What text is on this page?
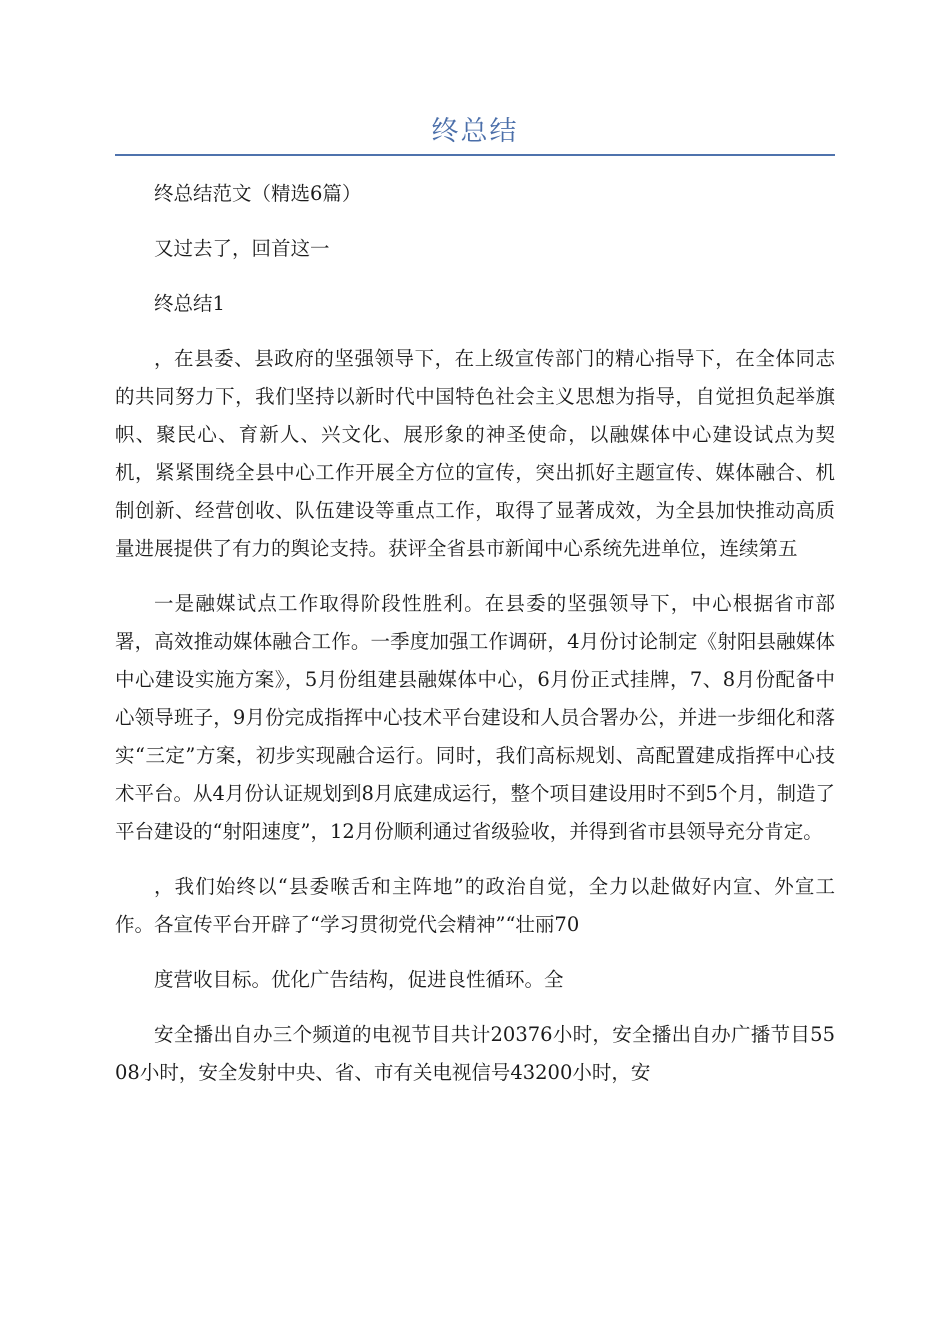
终总结

终总结范文（精选6篇）

又过去了，回首这一

终总结1

，在县委、县政府的坚强领导下，在上级宣传部门的精心指导下，在全体同志的共同努力下，我们坚持以新时代中国特色社会主义思想为指导，自觉担负起举旗帜、聚民心、育新人、兴文化、展形象的神圣使命，以融媒体中心建设试点为契机，紧紧围绕全县中心工作开展全方位的宣传，突出抓好主题宣传、媒体融合、机制创新、经营创收、队伍建设等重点工作，取得了显著成效，为全县加快推动高质量进展提供了有力的舆论支持。获评全省县市新闻中心系统先进单位，连续第五

一是融媒试点工作取得阶段性胜利。在县委的坚强领导下，中心根据省市部署，高效推动媒体融合工作。一季度加强工作调研，4月份讨论制定《射阳县融媒体中心建设实施方案》，5月份组建县融媒体中心，6月份正式挂牌，7、8月份配备中心领导班子，9月份完成指挥中心技术平台建设和人员合署办公，并进一步细化和落实“三定”方案，初步实现融合运行。同时，我们高标规划、高配置建成指挥中心技术平台。从4月份认证规划到8月底建成运行，整个项目建设用时不到5个月，制造了平台建设的“射阳速度”，12月份顺利通过省级验收，并得到省市县领导充分肯定。

，我们始终以“县委喉舌和主阵地”的政治自觉，全力以赴做好内宣、外宣工作。各宣传平台开辟了“学习贯彻党代会精神”“壮丽70

度营收目标。优化广告结构，促进良性循环。全

安全播出自办三个频道的电视节目共计20376小时，安全播出自办广播节目5508小时，安全发射中央、省、市有关电视信号43200小时，安
